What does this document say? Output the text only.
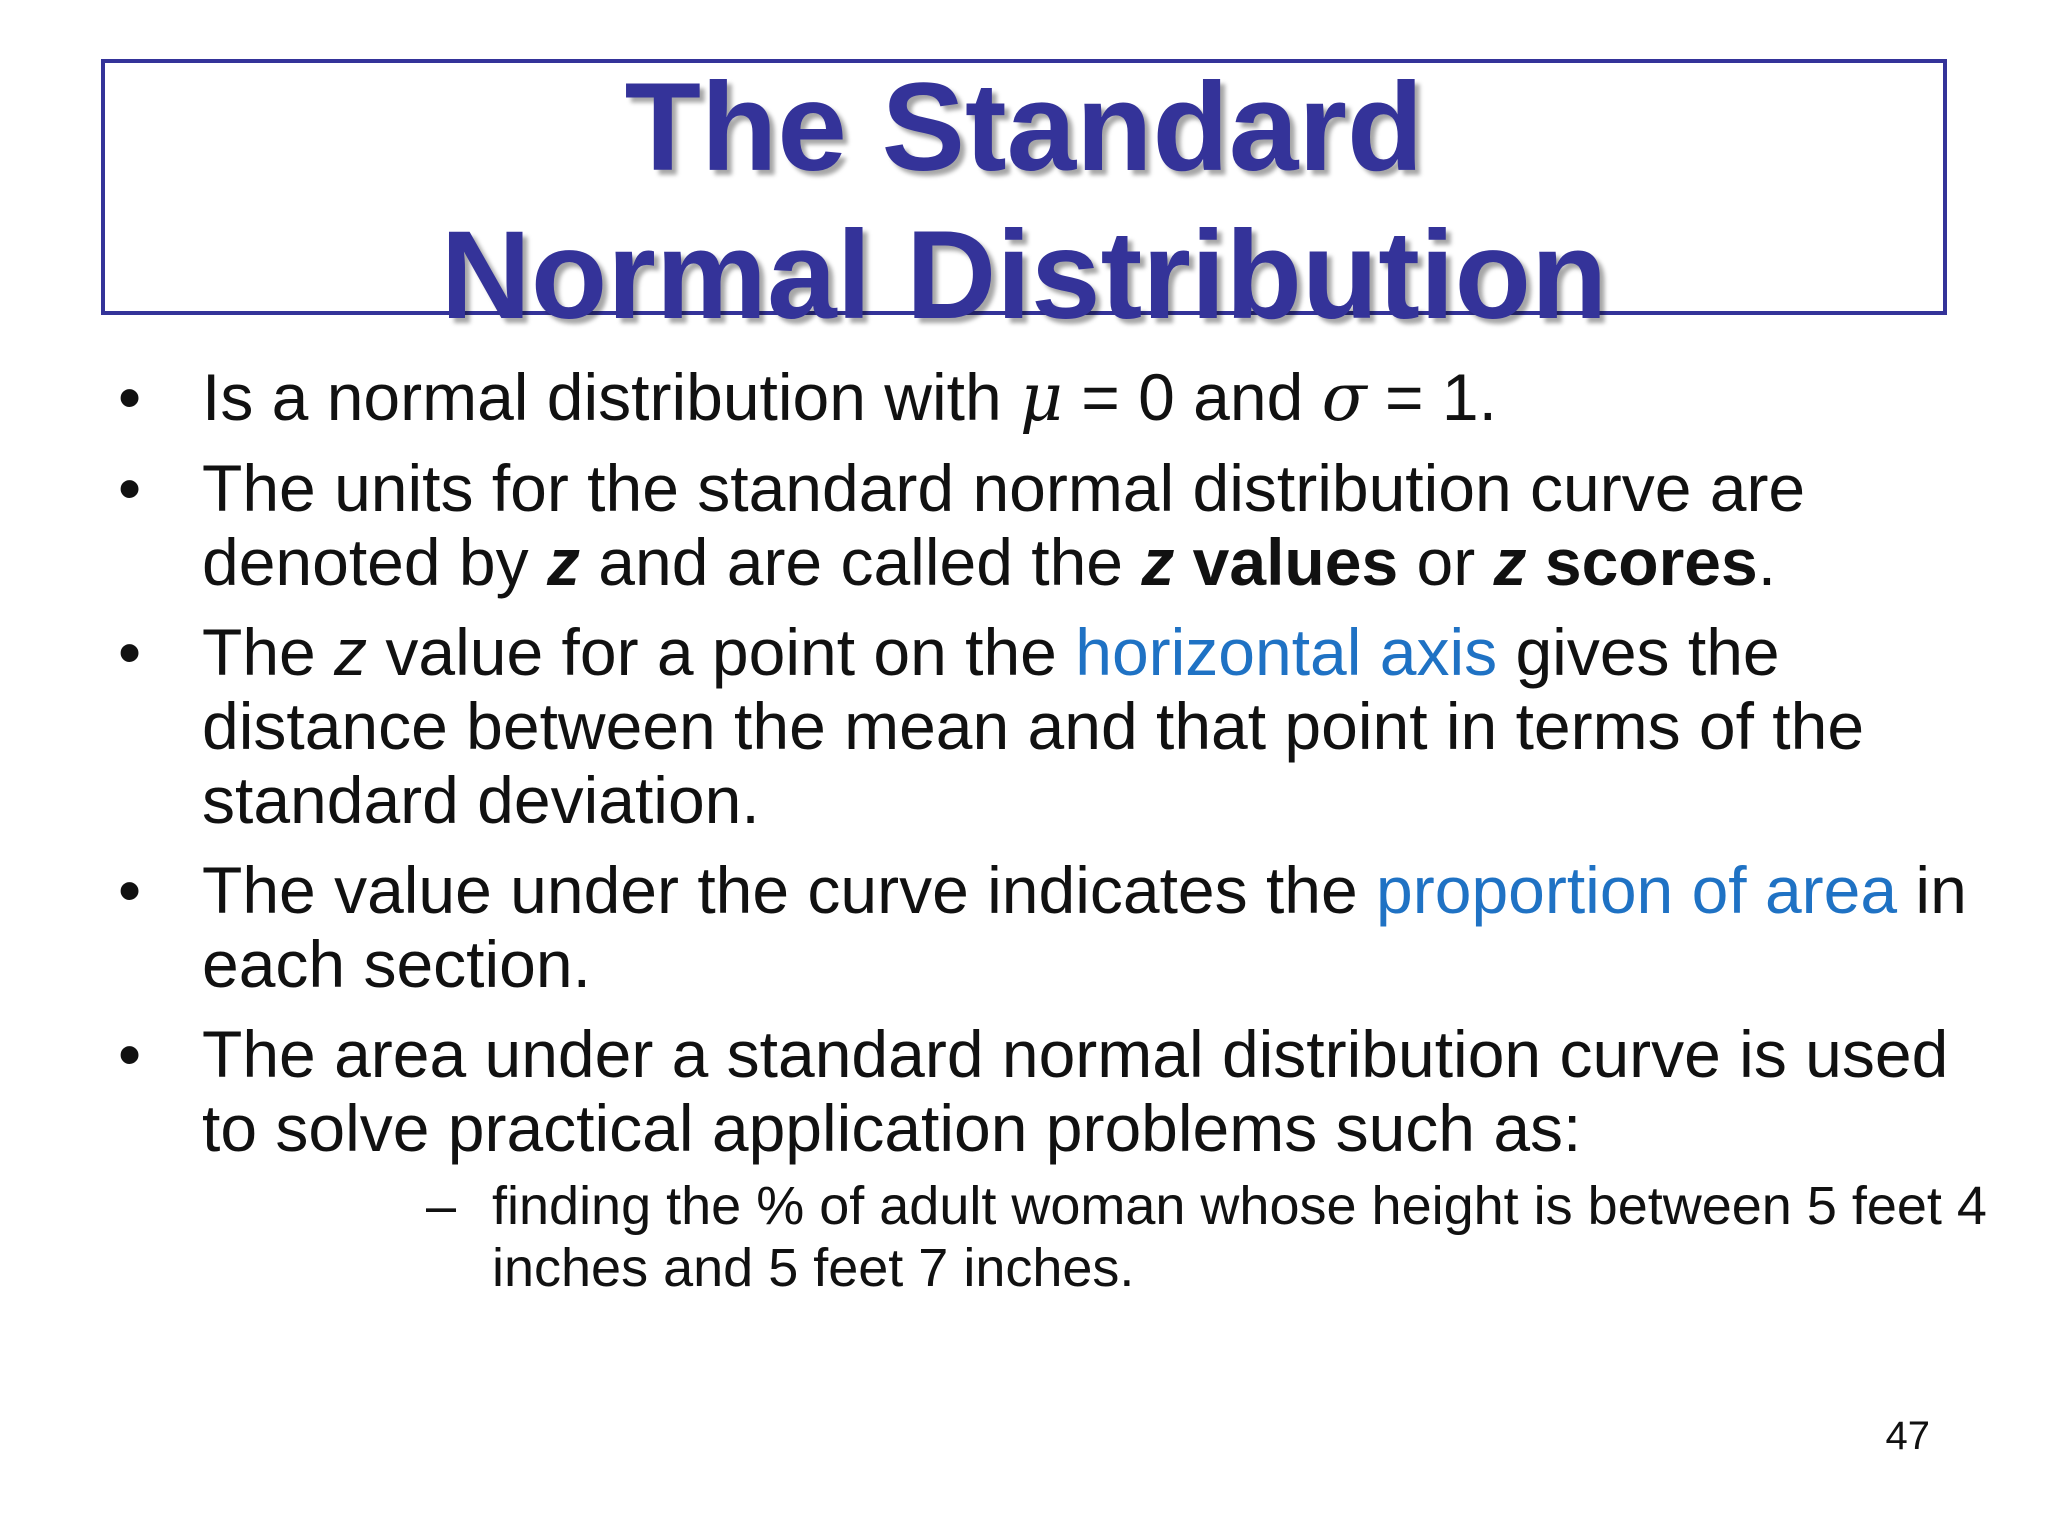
The Standard
Normal Distribution
• Is a normal distribution with μ = 0 and σ = 1.
• The units for the standard normal distribution curve are denoted by z and are called the z values or z scores.
• The z value for a point on the horizontal axis gives the distance between the mean and that point in terms of the standard deviation.
• The value under the curve indicates the proportion of area in each section.
• The area under a standard normal distribution curve is used to solve practical application problems such as:
– finding the % of adult woman whose height is between 5 feet 4 inches and 5 feet 7 inches.
47
